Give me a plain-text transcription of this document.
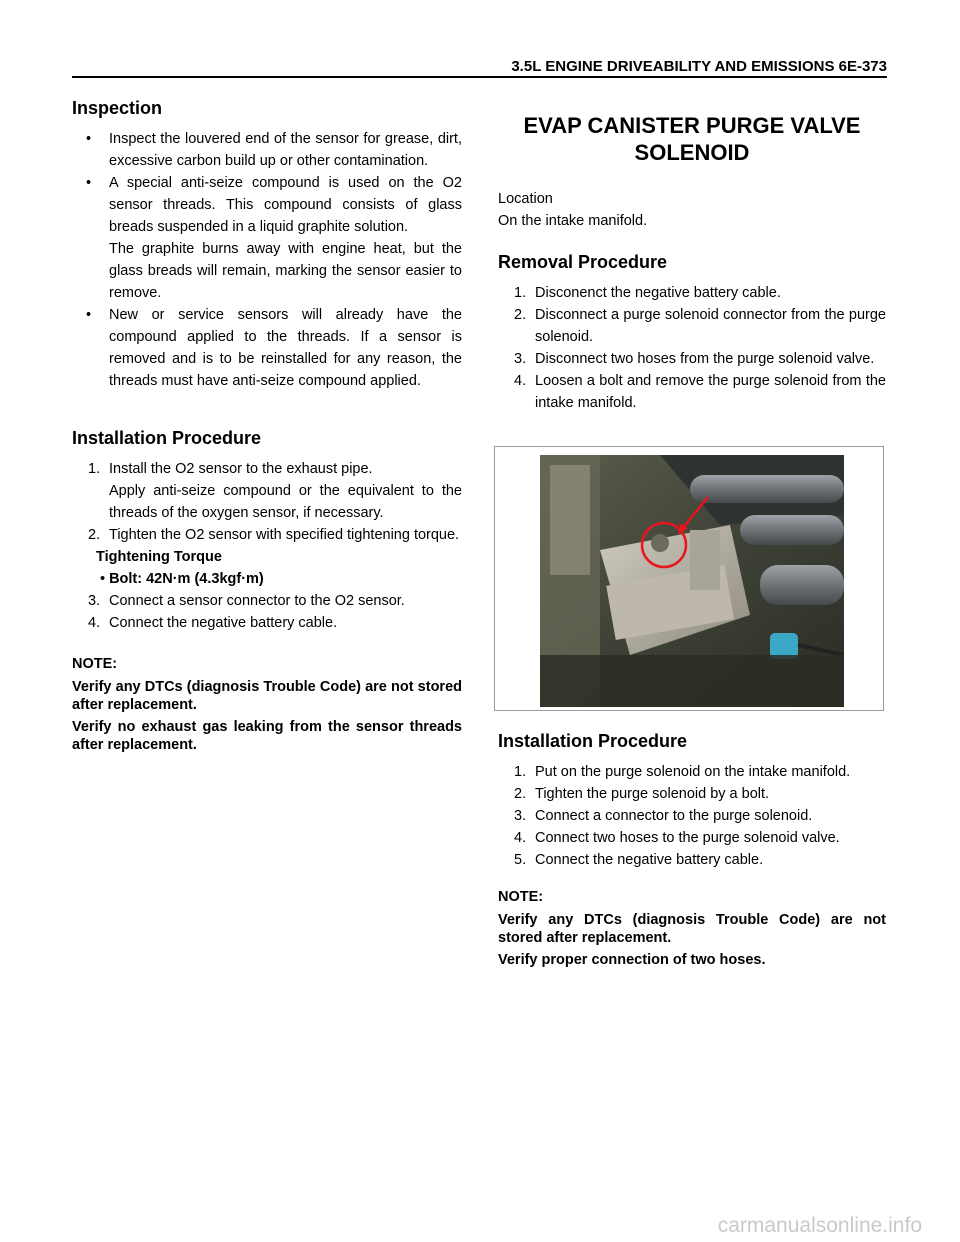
3.5L ENGINE DRIVEABILITY AND EMISSIONS 6E-373
Inspection
• Inspect the louvered end of the sensor for grease, dirt, excessive carbon build up or other contamination.
• A special anti-seize compound is used on the O2 sensor threads. This compound consists of glass breads suspended in a liquid graphite solution.
The graphite burns away with engine heat, but the glass breads will remain, marking the sensor easier to remove.
• New or service sensors will already have the compound applied to the threads. If a sensor is removed and is to be reinstalled for any reason, the threads must have anti-seize compound applied.
Installation Procedure
1. Install the O2 sensor to the exhaust pipe.
Apply anti-seize compound or the equivalent to the threads of the oxygen sensor, if necessary.
2. Tighten the O2 sensor with specified tightening torque.
Tightening Torque
• Bolt: 42N·m (4.3kgf·m)
3. Connect a sensor connector to the O2 sensor.
4. Connect the negative battery cable.
NOTE:
Verify any DTCs (diagnosis Trouble Code) are not stored after replacement.
Verify no exhaust gas leaking from the sensor threads after replacement.
EVAP CANISTER PURGE VALVE
SOLENOID
Location
On the intake manifold.
Removal Procedure
1. Disconenct the negative battery cable.
2. Disconnect a purge solenoid connector from the purge solenoid.
3. Disconnect two hoses from the purge solenoid valve.
4. Loosen a bolt and remove the purge solenoid from the intake manifold.
Installation Procedure
1. Put on the purge solenoid on the intake manifold.
2. Tighten the purge solenoid by a bolt.
3. Connect a connector to the purge solenoid.
4. Connect two hoses to the purge solenoid valve.
5. Connect the negative battery cable.
NOTE:
Verify any DTCs (diagnosis Trouble Code) are not stored after replacement.
Verify proper connection of two hoses.
carmanualsonline.info
